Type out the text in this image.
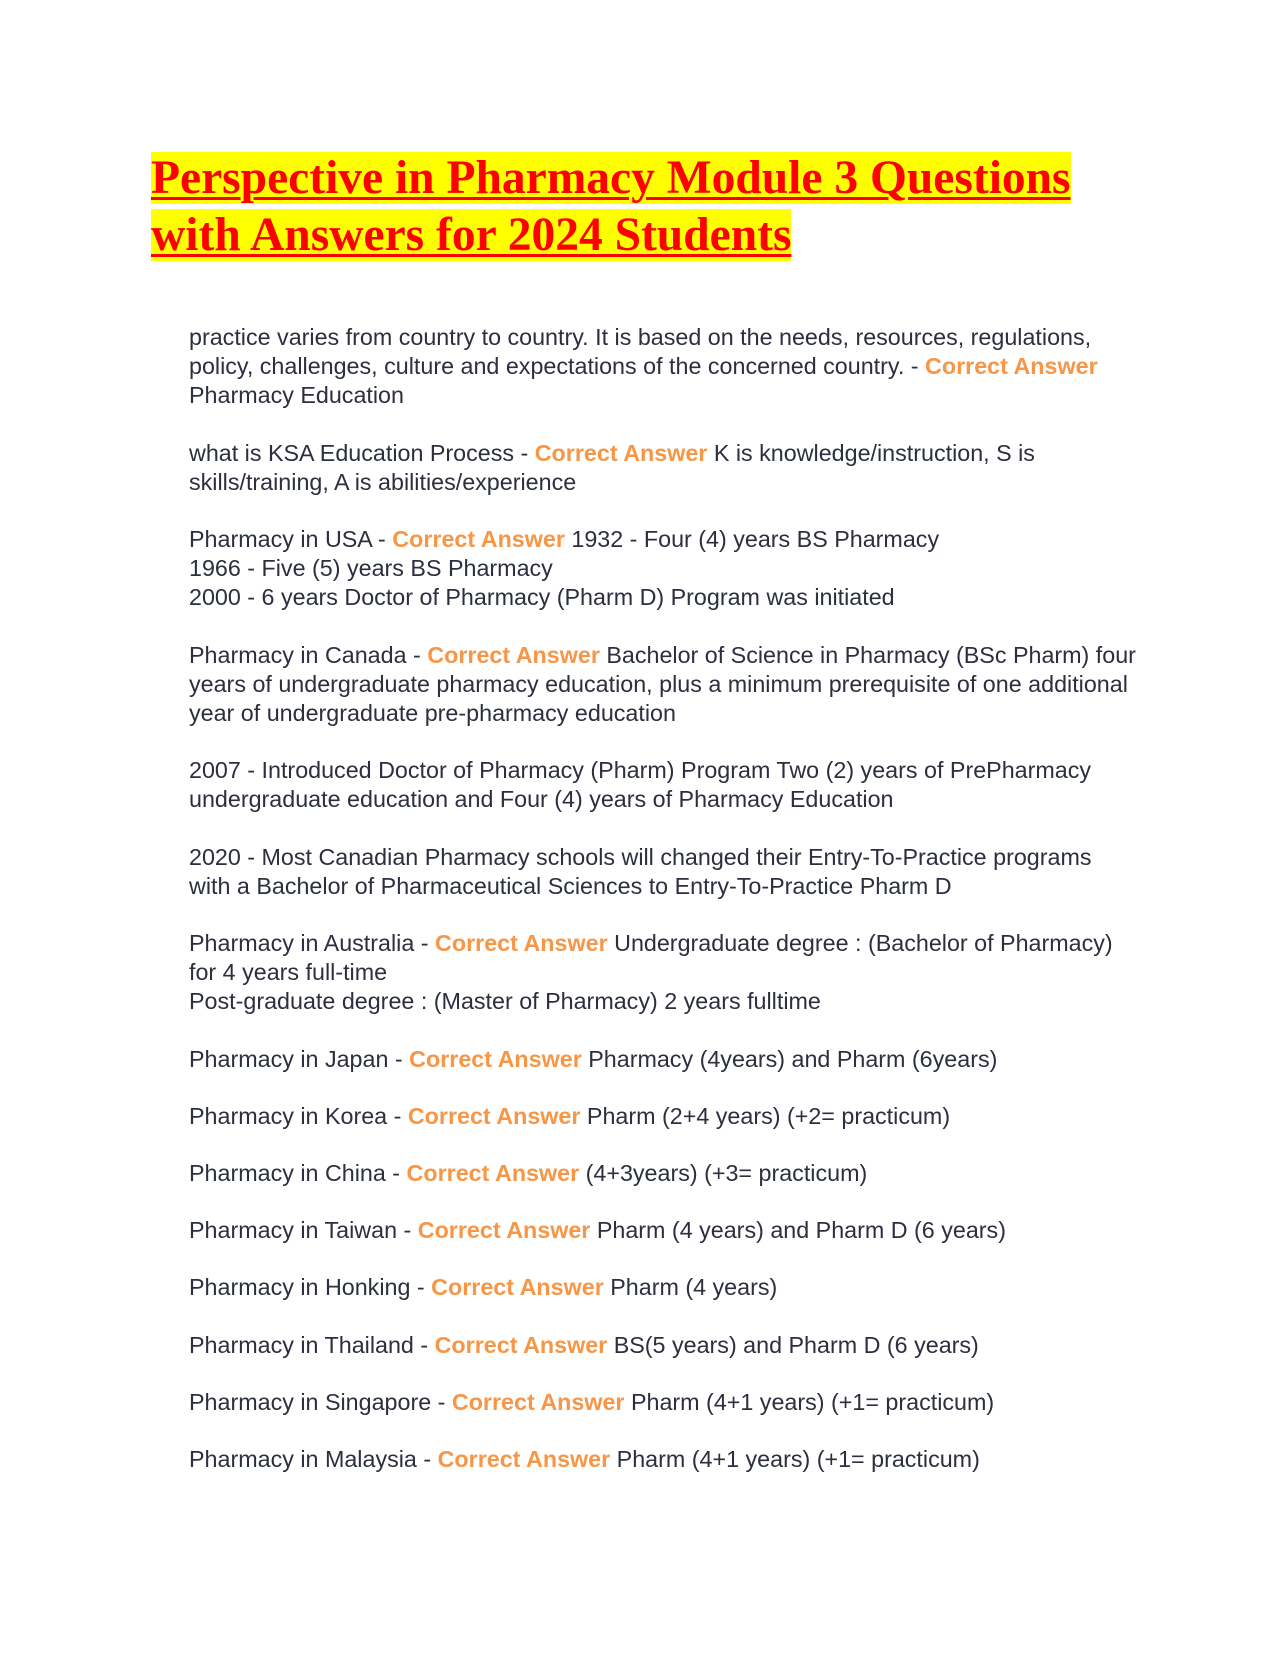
Perspective in Pharmacy Module 3 Questions with Answers for 2024 Students

practice varies from country to country. It is based on the needs, resources, regulations, policy, challenges, culture and expectations of the concerned country. - Correct Answer Pharmacy Education

what is KSA Education Process - Correct Answer K is knowledge/instruction, S is skills/training, A is abilities/experience

Pharmacy in USA - Correct Answer 1932 - Four (4) years BS Pharmacy
1966 - Five (5) years BS Pharmacy
2000 - 6 years Doctor of Pharmacy (Pharm D) Program was initiated

Pharmacy in Canada - Correct Answer Bachelor of Science in Pharmacy (BSc Pharm) four years of undergraduate pharmacy education, plus a minimum prerequisite of one additional year of undergraduate pre-pharmacy education

2007 - Introduced Doctor of Pharmacy (Pharm) Program Two (2) years of PrePharmacy undergraduate education and Four (4) years of Pharmacy Education

2020 - Most Canadian Pharmacy schools will changed their Entry-To-Practice programs with a Bachelor of Pharmaceutical Sciences to Entry-To-Practice Pharm D

Pharmacy in Australia - Correct Answer Undergraduate degree : (Bachelor of Pharmacy) for 4 years full-time
Post-graduate degree : (Master of Pharmacy) 2 years fulltime

Pharmacy in Japan - Correct Answer Pharmacy (4years) and Pharm (6years)

Pharmacy in Korea - Correct Answer Pharm (2+4 years) (+2= practicum)

Pharmacy in China - Correct Answer (4+3years) (+3= practicum)

Pharmacy in Taiwan - Correct Answer Pharm (4 years) and Pharm D (6 years)

Pharmacy in Honking - Correct Answer Pharm (4 years)

Pharmacy in Thailand - Correct Answer BS(5 years) and Pharm D (6 years)

Pharmacy in Singapore - Correct Answer Pharm (4+1 years) (+1= practicum)

Pharmacy in Malaysia - Correct Answer Pharm (4+1 years) (+1= practicum)
